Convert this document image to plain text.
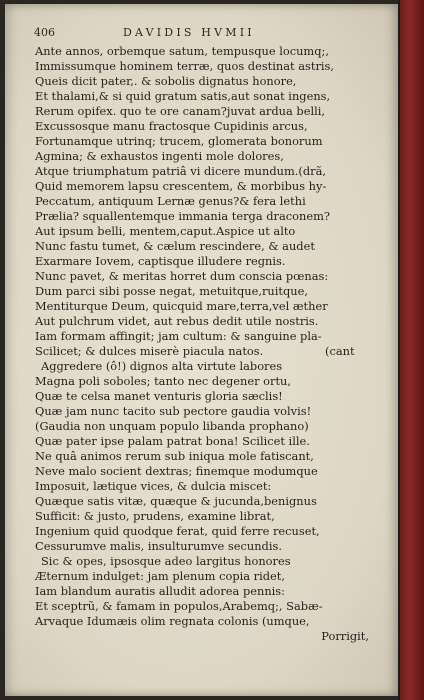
406	DAVIDIS HVMII
Ante annos, orbemque satum, tempusque locumq;,
Immissumque hominem terræ, quos destinat astris,
Queis dicit pater,. & sobolis dignatus honore,
Et thalami,& si quid gratum satis,aut sonat ingens,
Rerum opifex. quo te ore canam?juvat ardua belli,
Excussosque manu fractosque Cupidinis arcus,
Fortunamque utrinq; trucem, glomerata bonorum
Agmina; & exhaustos ingenti mole dolores,
Atque triumphatum patriâ vi dicere mundum.(drã,
Quid memorem lapsu crescentem, & morbibus hy-
Peccatum, antiquum Lernæ genus?& fera lethi
Prælia? squallentemque immania terga draconem?
Aut ipsum belli, mentem,caput.Aspice ut alto
Nunc fastu tumet, & cælum rescindere, & audet
Exarmare Iovem, captisque illudere regnis.
Nunc pavet, & meritas horret dum conscia pœnas:
Dum parci sibi posse negat, metuitque,ruitque,
Mentiturque Deum, quicquid mare,terra,vel æther
Aut pulchrum videt, aut rebus dedit utile nostris.
Iam formam affingit; jam cultum: & sanguine pla-
Scilicet; & dulces miserè piacula natos.	(cant
Aggredere (ô!) dignos alta virtute labores
Magna poli soboles; tanto nec degener ortu,
Quæ te celsa manet venturis gloria sæclis!
Quæ jam nunc tacito sub pectore gaudia volvis!
(Gaudia non unquam populo libanda prophano)
Quæ pater ipse palam patrat bona! Scilicet ille.
Ne quâ animos rerum sub iniqua mole fatiscant,
Neve malo socient dextras; finemque modumque
Imposuit, lætique vices, & dulcia miscet:
Quæque satis vitæ, quæque & jucunda,benignus
Sufficit: & justo, prudens, examine librat,
Ingenium quid quodque ferat, quid ferre recuset,
Cessurumve malis, insulturumve secundis.
Sic & opes, ipsosque adeo largitus honores
Æternum indulget: jam plenum copia ridet,
Iam blandum auratis alludit adorea pennis:
Et sceptrũ, & famam in populos,Arabemq;, Sabæ-
Arvaque Idumæis olim regnata colonis (umque,
Porrigit,
